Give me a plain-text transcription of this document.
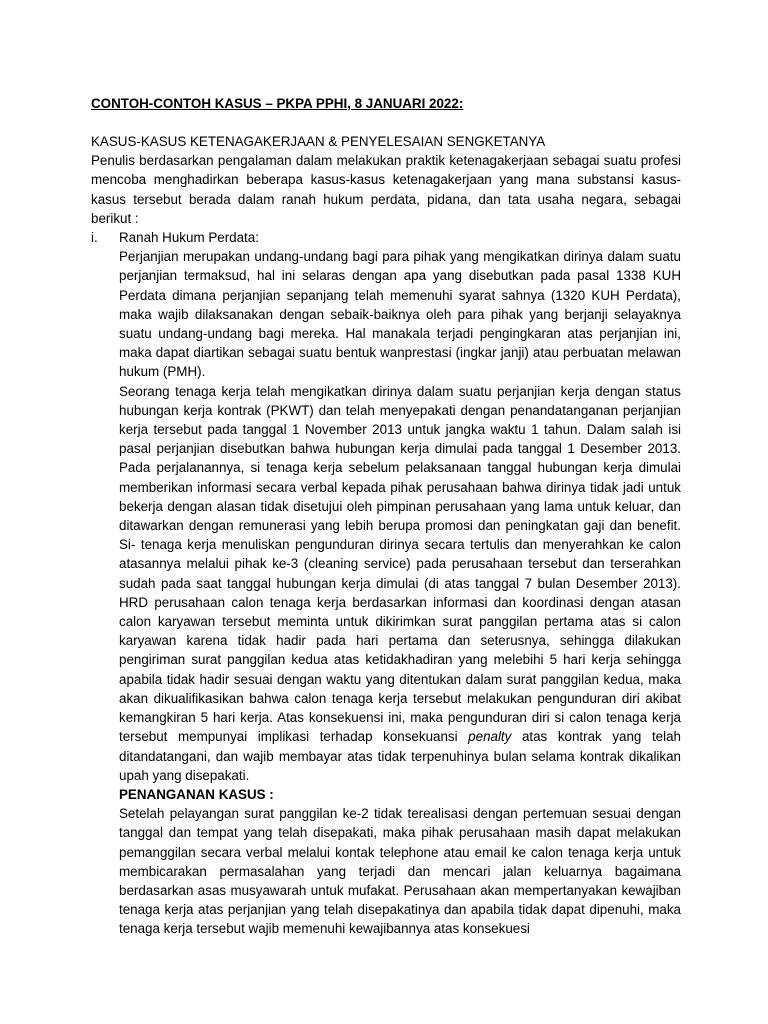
CONTOH-CONTOH KASUS – PKPA PPHI, 8 JANUARI 2022:

KASUS-KASUS KETENAGAKERJAAN & PENYELESAIAN SENGKETANYA

Penulis berdasarkan pengalaman dalam melakukan praktik ketenagakerjaan sebagai suatu profesi mencoba menghadirkan beberapa kasus-kasus ketenagakerjaan yang mana substansi kasus-kasus tersebut berada dalam ranah hukum perdata, pidana, dan tata usaha negara, sebagai berikut :

i.	Ranah Hukum Perdata:

Perjanjian merupakan undang-undang bagi para pihak yang mengikatkan dirinya dalam suatu perjanjian termaksud, hal ini selaras dengan apa yang disebutkan pada pasal 1338 KUH Perdata dimana perjanjian sepanjang telah memenuhi syarat sahnya (1320 KUH Perdata), maka wajib dilaksanakan dengan sebaik-baiknya oleh para pihak yang berjanji selayaknya suatu undang-undang bagi mereka. Hal manakala terjadi pengingkaran atas perjanjian ini, maka dapat diartikan sebagai suatu bentuk wanprestasi (ingkar janji) atau perbuatan melawan hukum (PMH).

Seorang tenaga kerja telah mengikatkan dirinya dalam suatu perjanjian kerja dengan status hubungan kerja kontrak (PKWT) dan telah menyepakati dengan penandatanganan perjanjian kerja tersebut pada tanggal 1 November 2013 untuk jangka waktu 1 tahun. Dalam salah isi pasal perjanjian disebutkan bahwa hubungan kerja dimulai pada tanggal 1 Desember 2013. Pada perjalanannya, si tenaga kerja sebelum pelaksanaan tanggal hubungan kerja dimulai memberikan informasi secara verbal kepada pihak perusahaan bahwa dirinya tidak jadi untuk bekerja dengan alasan tidak disetujui oleh pimpinan perusahaan yang lama untuk keluar, dan ditawarkan dengan remunerasi yang lebih berupa promosi dan peningkatan gaji dan benefit. Si- tenaga kerja menuliskan pengunduran dirinya secara tertulis dan menyerahkan ke calon atasannya melalui pihak ke-3 (cleaning service) pada perusahaan tersebut dan terserahkan sudah pada saat tanggal hubungan kerja dimulai (di atas tanggal 7 bulan Desember 2013). HRD perusahaan calon tenaga kerja berdasarkan informasi dan koordinasi dengan atasan calon karyawan tersebut meminta untuk dikirimkan surat panggilan pertama atas si calon karyawan karena tidak hadir pada hari pertama dan seterusnya, sehingga dilakukan pengiriman surat panggilan kedua atas ketidakhadiran yang melebihi 5 hari kerja sehingga apabila tidak hadir sesuai dengan waktu yang ditentukan dalam surat panggilan kedua, maka akan dikualifikasikan bahwa calon tenaga kerja tersebut melakukan pengunduran diri akibat kemangkiran 5 hari kerja. Atas konsekuensi ini, maka pengunduran diri si calon tenaga kerja tersebut mempunyai implikasi terhadap konsekuansi penalty atas kontrak yang telah ditandatangani, dan wajib membayar atas tidak terpenuhinya bulan selama kontrak dikalikan upah yang disepakati.

PENANGANAN KASUS :

Setelah pelayangan surat panggilan ke-2 tidak terealisasi dengan pertemuan sesuai dengan tanggal dan tempat yang telah disepakati, maka pihak perusahaan masih dapat melakukan pemanggilan secara verbal melalui kontak telephone atau email ke calon tenaga kerja untuk membicarakan permasalahan yang terjadi dan mencari jalan keluarnya bagaimana berdasarkan asas musyawarah untuk mufakat. Perusahaan akan mempertanyakan kewajiban tenaga kerja atas perjanjian yang telah disepakatinya dan apabila tidak dapat dipenuhi, maka tenaga kerja tersebut wajib memenuhi kewajibannya atas konsekuesi
